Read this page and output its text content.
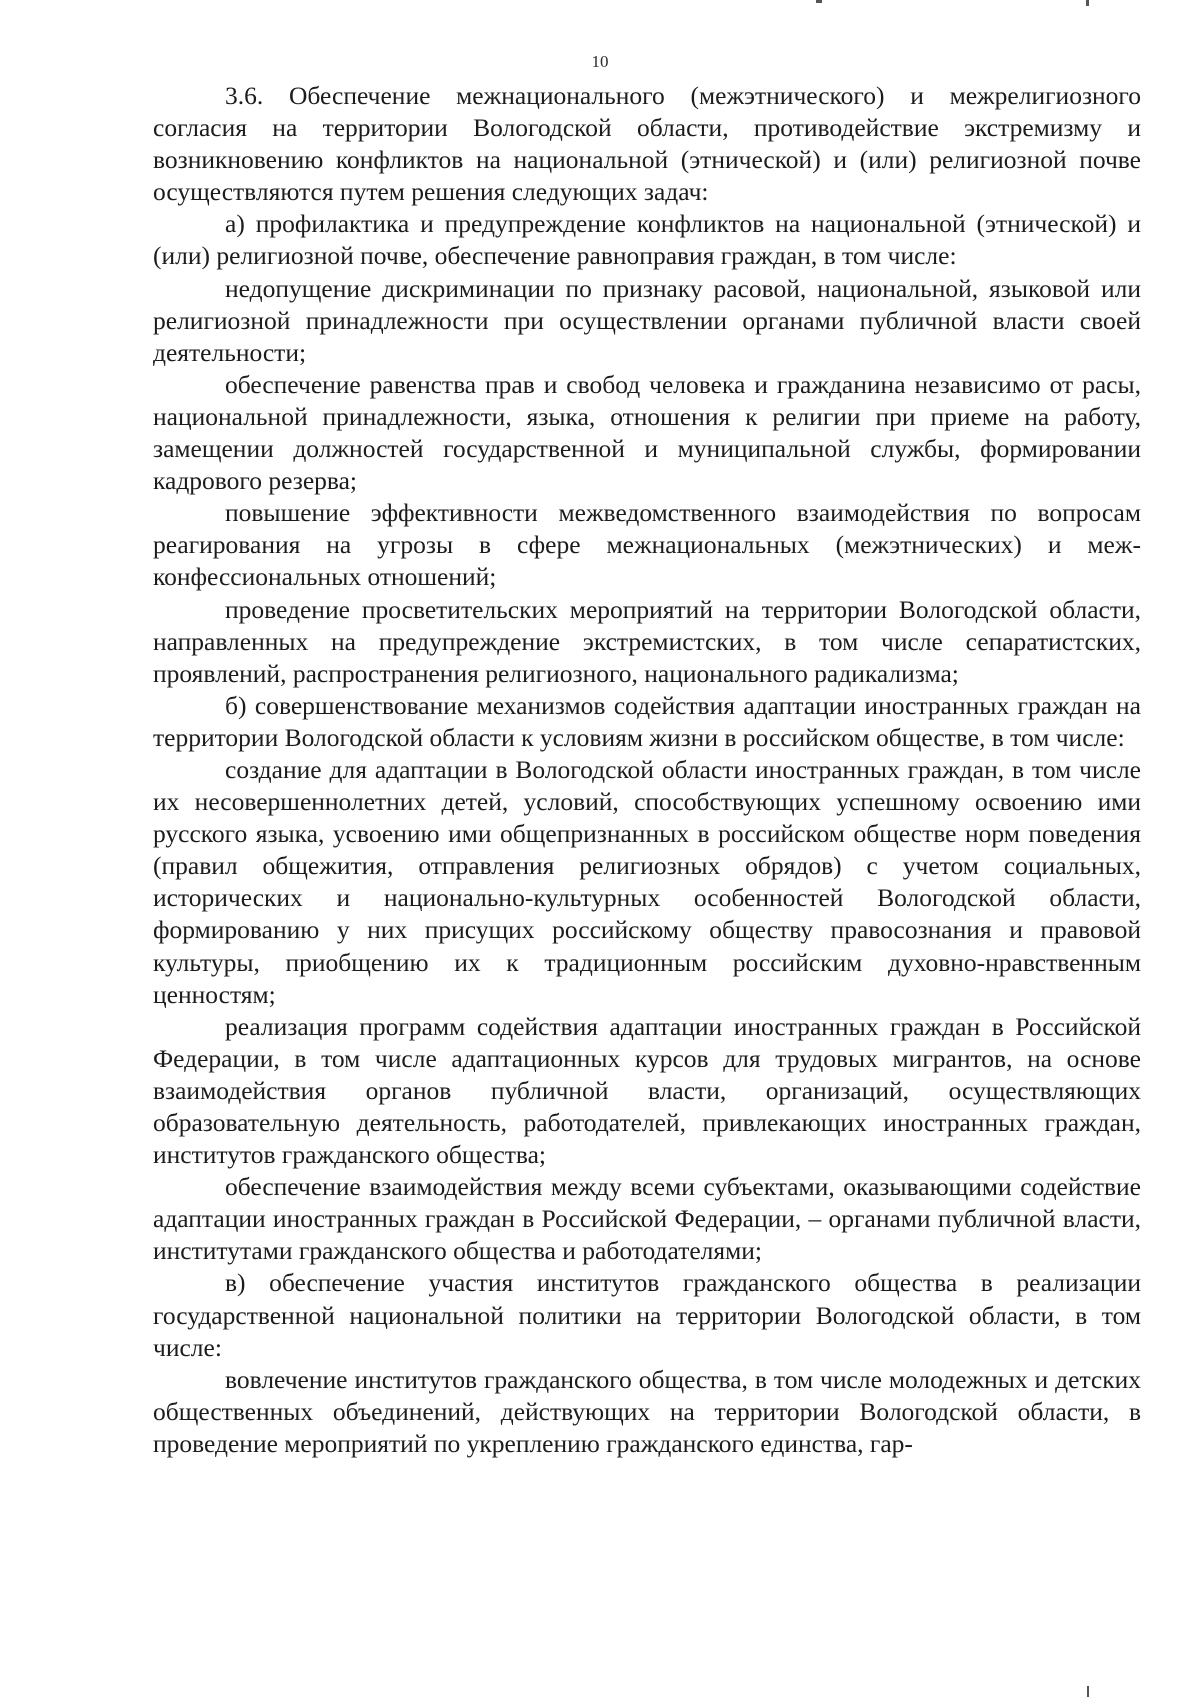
10

3.6. Обеспечение межнационального (межэтнического) и межрелигиозного согласия на территории Вологодской области, противодействие экстремизму и возникновению конфликтов на национальной (этнической) и (или) религиозной почве осуществляются путем решения следующих задач:

а) профилактика и предупреждение конфликтов на национальной (этнической) и (или) религиозной почве, обеспечение равноправия граждан, в том числе:

недопущение дискриминации по признаку расовой, национальной, языковой или религиозной принадлежности при осуществлении органами публичной власти своей деятельности;

обеспечение равенства прав и свобод человека и гражданина независимо от расы, национальной принадлежности, языка, отношения к религии при приеме на работу, замещении должностей государственной и муниципальной службы, формировании кадрового резерва;

повышение эффективности межведомственного взаимодействия по вопросам реагирования на угрозы в сфере межнациональных (межэтнических) и межконфессиональных отношений;

проведение просветительских мероприятий на территории Вологодской области, направленных на предупреждение экстремистских, в том числе сепаратистских, проявлений, распространения религиозного, национального радикализма;

б) совершенствование механизмов содействия адаптации иностранных граждан на территории Вологодской области к условиям жизни в российском обществе, в том числе:

создание для адаптации в Вологодской области иностранных граждан, в том числе их несовершеннолетних детей, условий, способствующих успешному освоению ими русского языка, усвоению ими общепризнанных в российском обществе норм поведения (правил общежития, отправления религиозных обрядов) с учетом социальных, исторических и национально-культурных особенностей Вологодской области, формированию у них присущих российскому обществу правосознания и правовой культуры, приобщению их к традиционным российским духовно-нравственным ценностям;

реализация программ содействия адаптации иностранных граждан в Российской Федерации, в том числе адаптационных курсов для трудовых мигрантов, на основе взаимодействия органов публичной власти, организаций, осуществляющих образовательную деятельность, работодателей, привлекающих иностранных граждан, институтов гражданского общества;

обеспечение взаимодействия между всеми субъектами, оказывающими содействие адаптации иностранных граждан в Российской Федерации, – органами публичной власти, институтами гражданского общества и работодателями;

в) обеспечение участия институтов гражданского общества в реализации государственной национальной политики на территории Вологодской области, в том числе:

вовлечение институтов гражданского общества, в том числе молодежных и детских общественных объединений, действующих на территории Вологодской области, в проведение мероприятий по укреплению гражданского единства, гар-
